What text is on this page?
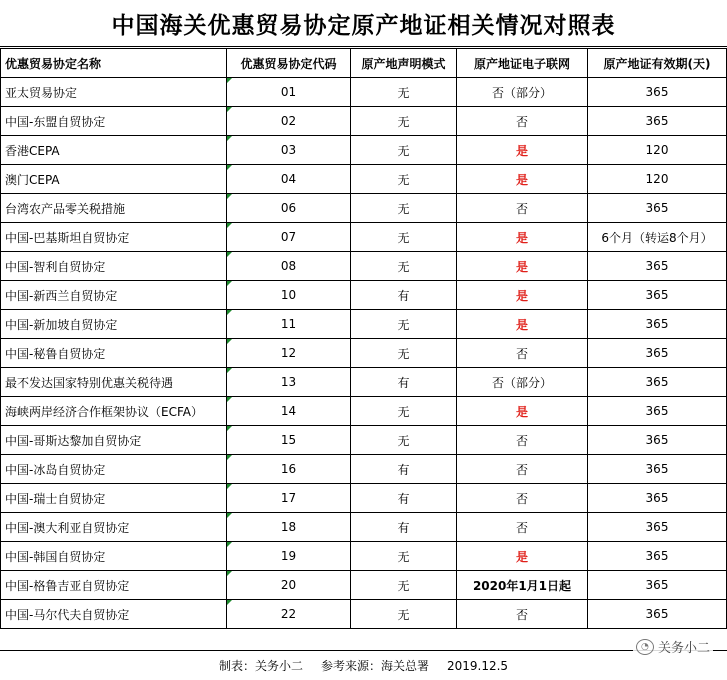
中国海关优惠贸易协定原产地证相关情况对照表
优惠贸易协定名称	优惠贸易协定代码	原产地声明模式	原产地证电子联网	原产地证有效期(天)
亚太贸易协定	01	无	否（部分）	365
中国-东盟自贸协定	02	无	否	365
香港CEPA	03	无	是	120
澳门CEPA	04	无	是	120
台湾农产品零关税措施	06	无	否	365
中国-巴基斯坦自贸协定	07	无	是	6个月（转运8个月）
中国-智利自贸协定	08	无	是	365
中国-新西兰自贸协定	10	有	是	365
中国-新加坡自贸协定	11	无	是	365
中国-秘鲁自贸协定	12	无	否	365
最不发达国家特别优惠关税待遇	13	有	否（部分）	365
海峡两岸经济合作框架协议（ECFA）	14	无	是	365
中国-哥斯达黎加自贸协定	15	无	否	365
中国-冰岛自贸协定	16	有	否	365
中国-瑞士自贸协定	17	有	否	365
中国-澳大利亚自贸协定	18	有	否	365
中国-韩国自贸协定	19	无	是	365
中国-格鲁吉亚自贸协定	20	无	2020年1月1日起	365
中国-马尔代夫自贸协定	22	无	否	365
制表：关务小二 参考来源：海关总署 2019.12.5
◔ 关务小二
